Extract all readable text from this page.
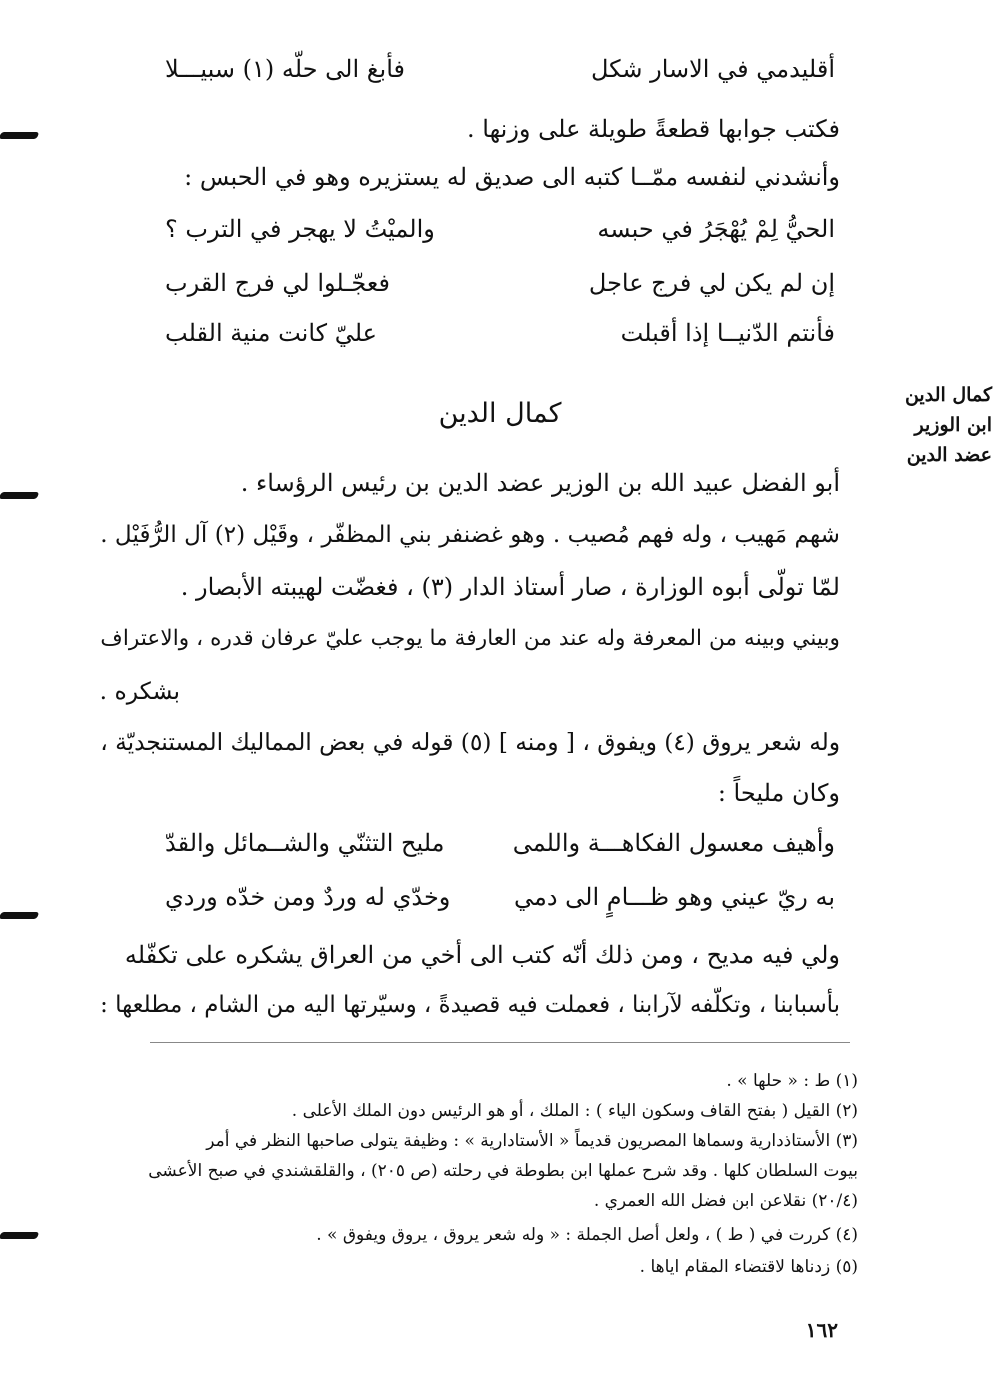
أقليدمي في الاسار شكل
فأبغ الى حلّه (١) سبيـــلا
فكتب جوابها قطعةً طويلة على وزنها .
وأنشدني لنفسه ممّــا كتبه الى صديق له يستزيره وهو في الحبس :
الحيُّ لِمْ يُهْجَرُ في حبسه
والميْتُ لا يهجر في الترب ؟
إن لم يكن لي فرج عاجل
فعجّـلوا لي فرج القرب
فأنتم الدّنيــا إذا أقبلت
عليّ كانت منية القلب
كمال الدين
ابن الوزير
عضد الدين
كمال الدين
أبو الفضل عبيد الله بن الوزير عضد الدين بن رئيس الرؤساء .
شهم مَهيب ، وله فهم مُصيب . وهو غضنفر بني المظفّر ، وقَيْل (٢) آل الرُّفَيْل .
لمّا تولّى أبوه الوزارة ، صار أستاذ الدار (٣) ، فغضّت لهيبته الأبصار .
وبيني وبينه من المعرفة وله عند من العارفة ما يوجب عليّ عرفان قدره ، والاعتراف
بشكره .
وله شعر يروق (٤) ويفوق ، [ ومنه ] (٥) قوله في بعض المماليك المستنجديّة ،
وكان مليحاً :
وأهيف معسول الفكاهـــة واللمى
مليح التثنّي والشــمائل والقدّ
به ريّ عيني وهو ظـــامٍ الى دمي
وخدّي له وردٌ ومن خدّه وردي
ولي فيه مديح ، ومن ذلك أنّه كتب الى أخي من العراق يشكره على تكفّله
بأسبابنا ، وتكلّفه لآرابنا ، فعملت فيه قصيدةً ، وسيّرتها اليه من الشام ، مطلعها :
(١) ط : « حلها » .
(٢) القيل ( بفتح القاف وسكون الياء ) : الملك ، أو هو الرئيس دون الملك الأعلى .
(٣) الأستاذدارية وسماها المصريون قديماً « الأستادارية » : وظيفة يتولى صاحبها النظر في أمر
بيوت السلطان كلها . وقد شرح عملها ابن بطوطة في رحلته (ص ٢٠٥) ، والقلقشندي في صبح الأعشى
(٢٠/٤) نقلاعن ابن فضل الله العمري .
(٤) كررت في ( ط ) ، ولعل أصل الجملة : « وله شعر يروق ، يروق ويفوق » .
(٥) زدناها لاقتضاء المقام اياها .
١٦٢
